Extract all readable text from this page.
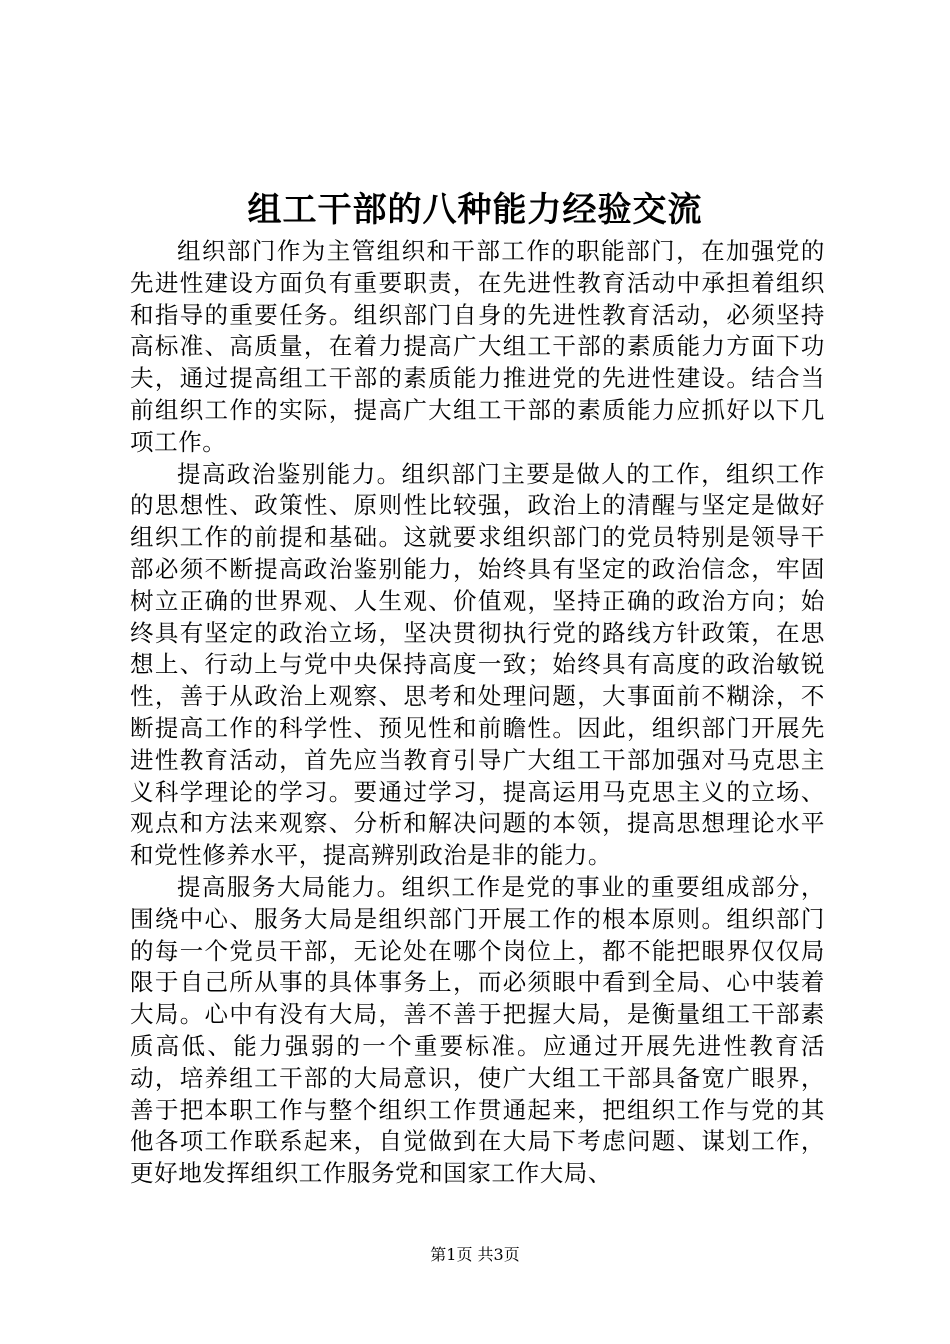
组工干部的八种能力经验交流

组织部门作为主管组织和干部工作的职能部门，在加强党的先进性建设方面负有重要职责，在先进性教育活动中承担着组织和指导的重要任务。组织部门自身的先进性教育活动，必须坚持高标准、高质量，在着力提高广大组工干部的素质能力方面下功夫，通过提高组工干部的素质能力推进党的先进性建设。结合当前组织工作的实际，提高广大组工干部的素质能力应抓好以下几项工作。

提高政治鉴别能力。组织部门主要是做人的工作，组织工作的思想性、政策性、原则性比较强，政治上的清醒与坚定是做好组织工作的前提和基础。这就要求组织部门的党员特别是领导干部必须不断提高政治鉴别能力，始终具有坚定的政治信念，牢固树立正确的世界观、人生观、价值观，坚持正确的政治方向；始终具有坚定的政治立场，坚决贯彻执行党的路线方针政策，在思想上、行动上与党中央保持高度一致；始终具有高度的政治敏锐性，善于从政治上观察、思考和处理问题，大事面前不糊涂，不断提高工作的科学性、预见性和前瞻性。因此，组织部门开展先进性教育活动，首先应当教育引导广大组工干部加强对马克思主义科学理论的学习。要通过学习，提高运用马克思主义的立场、观点和方法来观察、分析和解决问题的本领，提高思想理论水平和党性修养水平，提高辨别政治是非的能力。

提高服务大局能力。组织工作是党的事业的重要组成部分，围绕中心、服务大局是组织部门开展工作的根本原则。组织部门的每一个党员干部，无论处在哪个岗位上，都不能把眼界仅仅局限于自己所从事的具体事务上，而必须眼中看到全局、心中装着大局。心中有没有大局，善不善于把握大局，是衡量组工干部素质高低、能力强弱的一个重要标准。应通过开展先进性教育活动，培养组工干部的大局意识，使广大组工干部具备宽广眼界，善于把本职工作与整个组织工作贯通起来，把组织工作与党的其他各项工作联系起来，自觉做到在大局下考虑问题、谋划工作，更好地发挥组织工作服务党和国家工作大局、

第1页 共3页
